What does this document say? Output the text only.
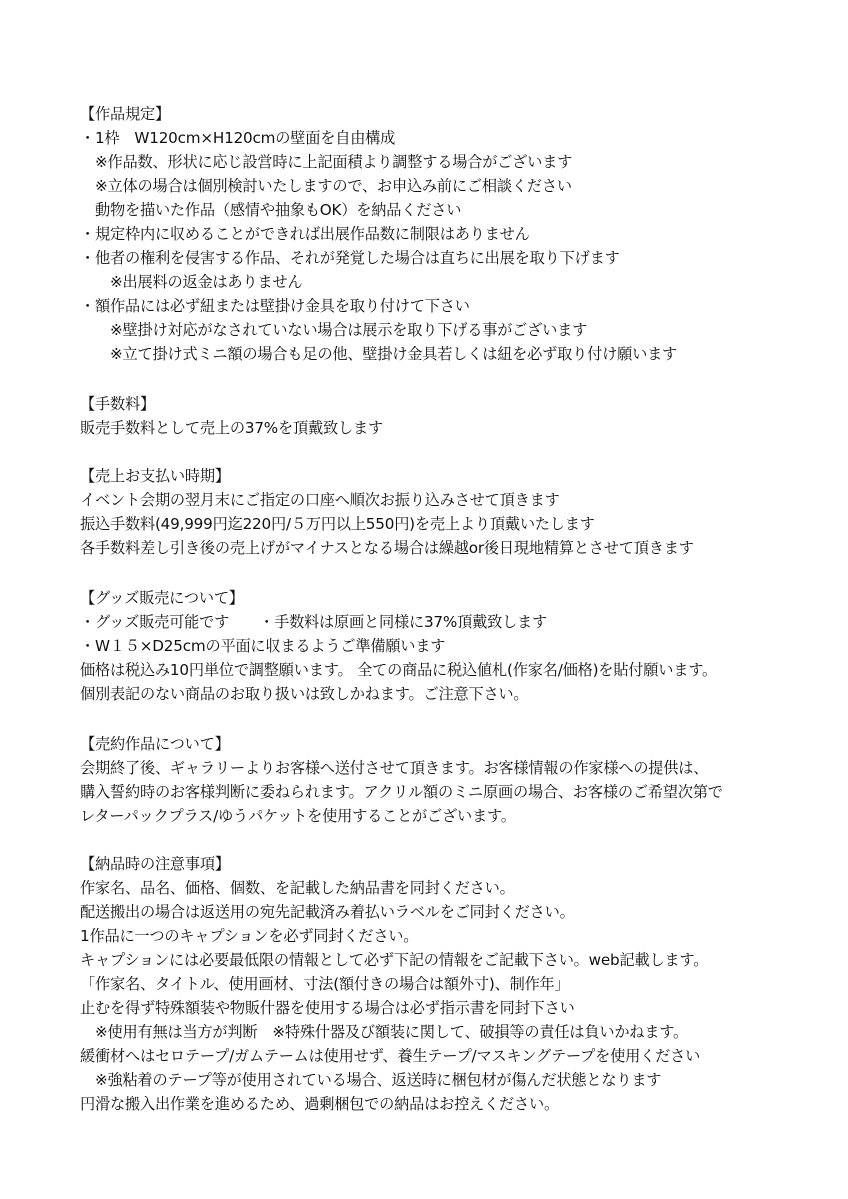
【作品規定】
・1枠　W120cm×H120cmの壁面を自由構成
　※作品数、形状に応じ設営時に上記面積より調整する場合がございます
　※立体の場合は個別検討いたしますので、お申込み前にご相談ください
　動物を描いた作品（感情や抽象もOK）を納品ください
・規定枠内に収めることができれば出展作品数に制限はありません
・他者の権利を侵害する作品、それが発覚した場合は直ちに出展を取り下げます
　　※出展料の返金はありません
・額作品には必ず紐または壁掛け金具を取り付けて下さい
　　※壁掛け対応がなされていない場合は展示を取り下げる事がございます
　　※立て掛け式ミニ額の場合も足の他、壁掛け金具若しくは紐を必ず取り付け願います
【手数料】
販売手数料として売上の37%を頂戴致します
【売上お支払い時期】
イベント会期の翌月末にご指定の口座へ順次お振り込みさせて頂きます
振込手数料(49,999円迄220円/５万円以上550円)を売上より頂戴いたします
各手数料差し引き後の売上げがマイナスとなる場合は繰越or後日現地精算とさせて頂きます
【グッズ販売について】
・グッズ販売可能です　　・手数料は原画と同様に37%頂戴致します
・W１５×D25cmの平面に収まるようご準備願います
価格は税込み10円単位で調整願います。 全ての商品に税込値札(作家名/価格)を貼付願います。
個別表記のない商品のお取り扱いは致しかねます。ご注意下さい。
【売約作品について】
会期終了後、ギャラリーよりお客様へ送付させて頂きます。お客様情報の作家様への提供は、
購入誓約時のお客様判断に委ねられます。アクリル額のミニ原画の場合、お客様のご希望次第で
レターパックプラス/ゆうパケットを使用することがございます。
【納品時の注意事項】
作家名、品名、価格、個数、を記載した納品書を同封ください。
配送搬出の場合は返送用の宛先記載済み着払いラベルをご同封ください。
1作品に一つのキャプションを必ず同封ください。
キャプションには必要最低限の情報として必ず下記の情報をご記載下さい。web記載します。
「作家名、タイトル、使用画材、寸法(額付きの場合は額外寸)、制作年」
止むを得ず特殊額装や物販什器を使用する場合は必ず指示書を同封下さい
　※使用有無は当方が判断　※特殊什器及び額装に関して、破損等の責任は負いかねます。
緩衝材へはセロテープ/ガムテームは使用せず、養生テープ/マスキングテープを使用ください
　※強粘着のテープ等が使用されている場合、返送時に梱包材が傷んだ状態となります
円滑な搬入出作業を進めるため、過剰梱包での納品はお控えください。
